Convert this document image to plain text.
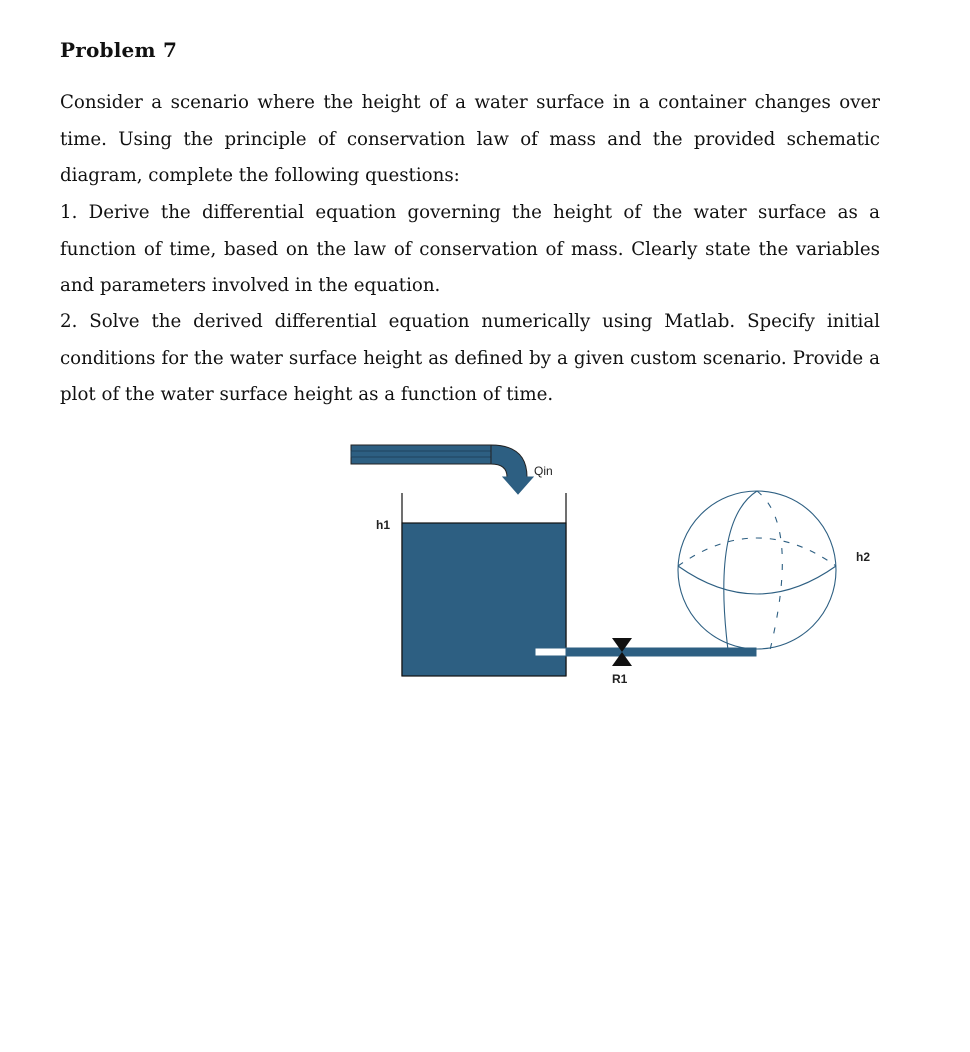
Problem 7

Consider a scenario where the height of a water surface in a container changes over time. Using the principle of conservation law of mass and the provided schematic diagram, complete the following questions:

1. Derive the differential equation governing the height of the water surface as a function of time, based on the law of conservation of mass. Clearly state the variables and parameters involved in the equation.

2. Solve the derived differential equation numerically using Matlab. Specify initial conditions for the water surface height as defined by a given custom scenario. Provide a plot of the water surface height as a function of time.

Qin
h1
R1
h2
